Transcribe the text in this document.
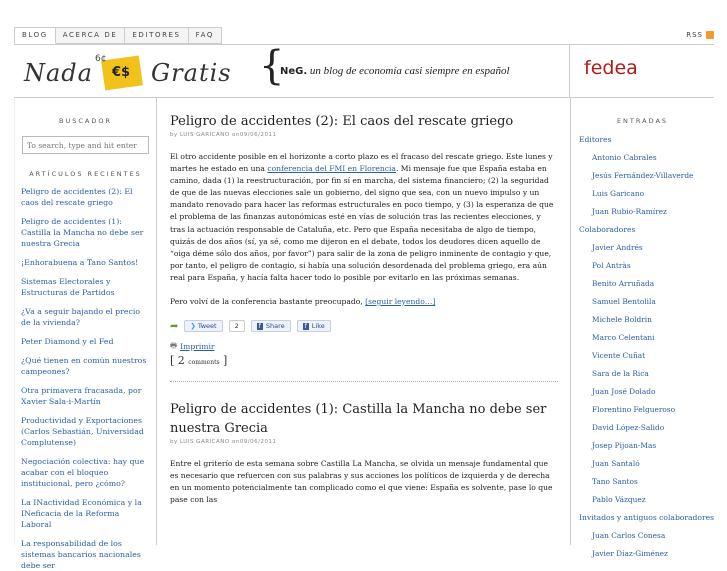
BLOG	ACERCA DE	EDITORES	FAQ	RSS
Nada 6¢
€$ Gratis {
NeG. un blog de economía casi siempre en español	fedea
BUSCADOR
To search, type and hit enter
ARTÍCULOS RECIENTES
Peligro de accidentes (2): El caos del rescate griego
Peligro de accidentes (1): Castilla la Mancha no debe ser nuestra Grecia
¡Enhorabuena a Tano Santos!
Sistemas Electorales y Estructuras de Partidos
¿Va a seguir bajando el precio de la vivienda?
Peter Diamond y el Fed
¿Qué tienen en común nuestros campeones?
Otra primavera fracasada, por Xavier Sala-i-Martín
Productividad y Exportaciones (Carlos Sebastián, Universidad Complutense)
Negociación colectiva: hay que acabar con el bloqueo institucional, pero ¿cómo?
La INactividad Económica y la INeficacia de la Reforma Laboral
La responsabilidad de los sistemas bancarios nacionales debe ser
Peligro de accidentes (2): El caos del rescate griego
by LUIS GARICANO on09/06/2011

El otro accidente posible en el horizonte a corto plazo es el fracaso del rescate griego. Este lunes y martes he estado en una conferencia del FMI en Florencia. Mi mensaje fue que España estaba en camino, dada (1) la reestructuración, por fin sí en marcha, del sistema financiero; (2) la seguridad de que de las nuevas elecciones sale un gobierno, del signo que sea, con un nuevo impulso y un mandato renovado para hacer las reformas estructurales en poco tiempo, y (3) la esperanza de que el problema de las finanzas autonómicas esté en vías de solución tras las recientes elecciones, y tras la actuación responsable de Cataluña, etc. Pero que España necesitaba de algo de tiempo, quizás de dos años (sí, ya sé, como me dijeron en el debate, todos los deudores dicen aquello de “oiga déme sólo dos años, por favor”) para salir de la zona de peligro inminente de contagio y que, por tanto, el peligro de contagio, si había una solución desordenada del problema griego, era aún real para España, y hacía falta hacer todo lo posible por evitarlo en las próximas semanas.

Pero volví de la conferencia bastante preocupado, [seguir leyendo…]

➦ ❯ Tweet	2	f Share	f Like
🖶 Imprimir
[ 2 comments ]
Peligro de accidentes (1): Castilla la Mancha no debe ser nuestra Grecia
by LUIS GARICANO on09/06/2011

Entre el griterío de esta semana sobre Castilla La Mancha, se olvida un mensaje fundamental que es necesario que refuercen con sus palabras y sus acciones los políticos de izquierda y de derecha en un momento potencialmente tan complicado como el que viene: España es solvente, pase lo que pase con las

ENTRADAS
Editores
Antonio Cabrales
Jesús Fernández-Villaverde
Luis Garicano
Juan Rubio-Ramírez
Colaboradores
Javier Andrés
Pol Antràs
Benito Arruñada
Samuel Bentolila
Michele Boldrin
Marco Celentani
Vicente Cuñat
Sara de la Rica
Juan José Dolado
Florentino Felgueroso
David López-Salido
Josep Pijoan-Mas
Juan Santaló
Tano Santos
Pablo Vázquez
Invitados y antiguos colaboradores
Juan Carlos Conesa
Javier Díaz-Giménez
